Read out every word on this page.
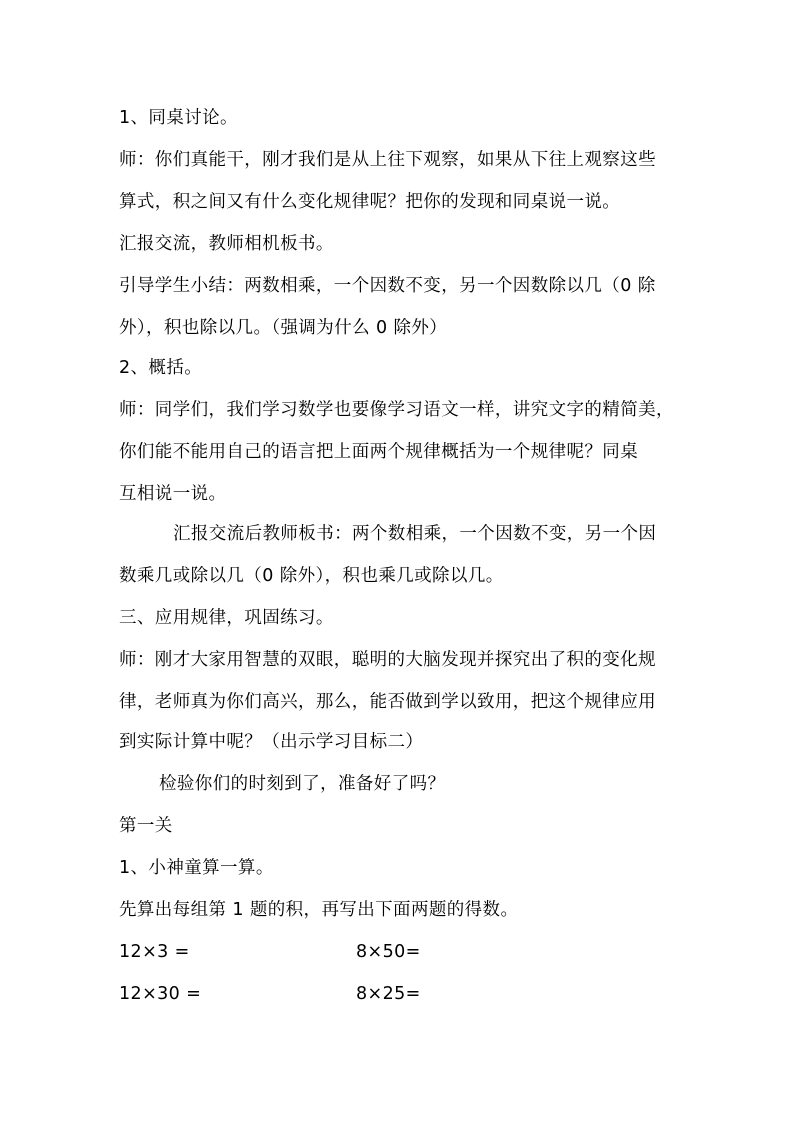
1、同桌讨论。
师：你们真能干，刚才我们是从上往下观察，如果从下往上观察这些
算式，积之间又有什么变化规律呢？把你的发现和同桌说一说。
汇报交流，教师相机板书。
引导学生小结：两数相乘，一个因数不变，另一个因数除以几（0 除
外），积也除以几。（强调为什么 0 除外）
2、概括。
师：同学们，我们学习数学也要像学习语文一样，讲究文字的精简美，
你们能不能用自己的语言把上面两个规律概括为一个规律呢？同桌
互相说一说。
汇报交流后教师板书：两个数相乘，一个因数不变，另一个因
数乘几或除以几（0 除外），积也乘几或除以几。
三、应用规律，巩固练习。
师：刚才大家用智慧的双眼，聪明的大脑发现并探究出了积的变化规
律，老师真为你们高兴，那么，能否做到学以致用，把这个规律应用
到实际计算中呢？（出示学习目标二）
检验你们的时刻到了，准备好了吗？
第一关
1、小神童算一算。
先算出每组第 1 题的积，再写出下面两题的得数。
12×3 =	8×50=
12×30 =	8×25=
